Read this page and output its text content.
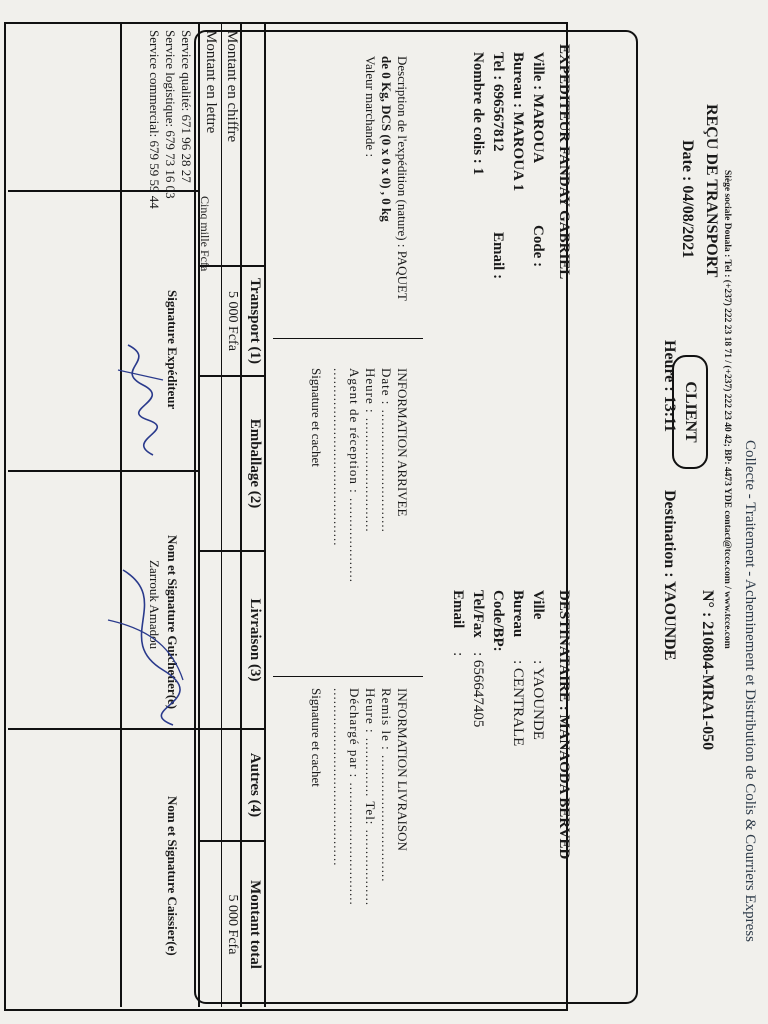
Collecte - Traitement - Acheminement et Distribution de Colis & Courriers Express
Siège sociale Douala : Tel : (+237) 222 23 18 71 / (+237) 222 23 40 42; BP: 4473 YDE contact@tcce.com / www.tcce.com
REÇU DE TRANSPORT
N° : 210804-MRA1-050
CLIENT
Date : 04/08/2021
Heure : 13:11
Destination : YAOUNDE
EXPEDITEUR FANDAY GABRIEL
Ville : MAROUA
Code :
Bureau : MAROUA 1
Tel : 696567812
Email :
Nombre de colis : 1
DESTINATAIRE : MANAODA BERVED
Ville
: YAOUNDE
Bureau
: CENTRALE
Code/BP:
Tel/Fax
: 656647405
Email
:
Description de l'expédition (nature) : PAQUET
de 0 Kg, DCS (0 x 0 x 0) , 0 kg
Valeur marchande :
INFORMATION ARRIVEE
Date : .............................
Heure : ...........................
Agent de réception : ....................
..........................................
Signature et cachet
INFORMATION LIVRAISON
Remis le : ..............................
Heure : .............. Tel: ..................
Déchargé par : .............................
..........................................
Signature et cachet
Transport (1)
Emballage (2)
Livraison (3)
Autres (4)
Montant total
Montant en chiffre
5 000 Fcfa
5 000 Fcfa
Montant en lettre
Cinq mille Fcfa
Service qualité: 671 96 28 27
Service logistique: 679 73 16 03
Service commercial: 679 59 59 44
Signature Expéditeur
Nom et Signature Guichetier(e)
Zarrouk Amadou
Nom et Signature Caissier(e)
